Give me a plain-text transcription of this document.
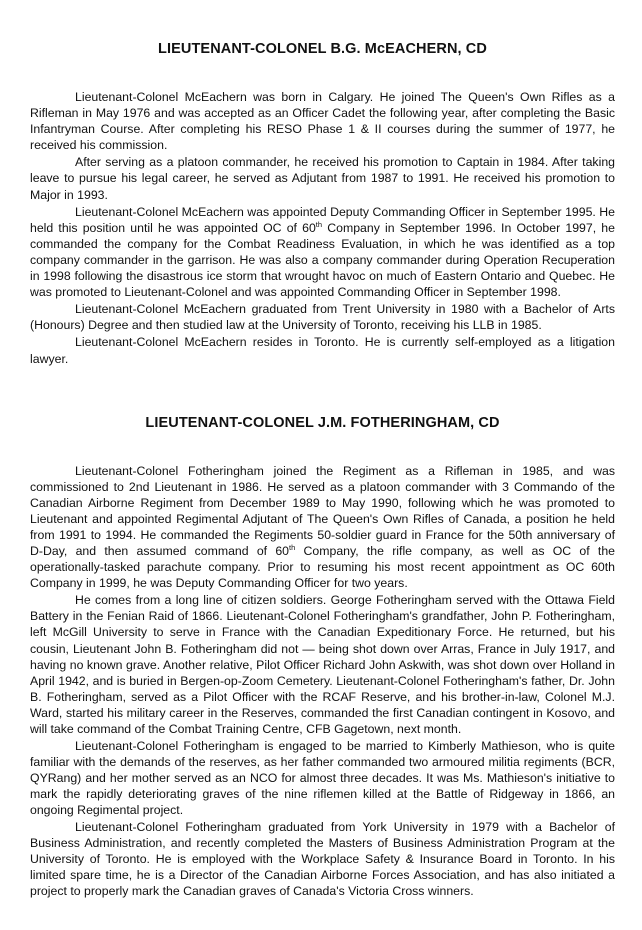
LIEUTENANT-COLONEL B.G. McEACHERN, CD

Lieutenant-Colonel McEachern was born in Calgary. He joined The Queen's Own Rifles as a Rifleman in May 1976 and was accepted as an Officer Cadet the following year, after completing the Basic Infantryman Course. After completing his RESO Phase 1 & II courses during the summer of 1977, he received his commission.

After serving as a platoon commander, he received his promotion to Captain in 1984. After taking leave to pursue his legal career, he served as Adjutant from 1987 to 1991. He received his promotion to Major in 1993.

Lieutenant-Colonel McEachern was appointed Deputy Commanding Officer in September 1995. He held this position until he was appointed OC of 60th Company in September 1996. In October 1997, he commanded the company for the Combat Readiness Evaluation, in which he was identified as a top company commander in the garrison. He was also a company commander during Operation Recuperation in 1998 following the disastrous ice storm that wrought havoc on much of Eastern Ontario and Quebec. He was promoted to Lieutenant-Colonel and was appointed Commanding Officer in September 1998.

Lieutenant-Colonel McEachern graduated from Trent University in 1980 with a Bachelor of Arts (Honours) Degree and then studied law at the University of Toronto, receiving his LLB in 1985.

Lieutenant-Colonel McEachern resides in Toronto. He is currently self-employed as a litigation lawyer.

LIEUTENANT-COLONEL J.M. FOTHERINGHAM, CD

Lieutenant-Colonel Fotheringham joined the Regiment as a Rifleman in 1985, and was commissioned to 2nd Lieutenant in 1986. He served as a platoon commander with 3 Commando of the Canadian Airborne Regiment from December 1989 to May 1990, following which he was promoted to Lieutenant and appointed Regimental Adjutant of The Queen's Own Rifles of Canada, a position he held from 1991 to 1994. He commanded the Regiments 50-soldier guard in France for the 50th anniversary of D-Day, and then assumed command of 60th Company, the rifle company, as well as OC of the operationally-tasked parachute company. Prior to resuming his most recent appointment as OC 60th Company in 1999, he was Deputy Commanding Officer for two years.

He comes from a long line of citizen soldiers. George Fotheringham served with the Ottawa Field Battery in the Fenian Raid of 1866. Lieutenant-Colonel Fotheringham's grandfather, John P. Fotheringham, left McGill University to serve in France with the Canadian Expeditionary Force. He returned, but his cousin, Lieutenant John B. Fotheringham did not — being shot down over Arras, France in July 1917, and having no known grave. Another relative, Pilot Officer Richard John Askwith, was shot down over Holland in April 1942, and is buried in Bergen-op-Zoom Cemetery. Lieutenant-Colonel Fotheringham's father, Dr. John B. Fotheringham, served as a Pilot Officer with the RCAF Reserve, and his brother-in-law, Colonel M.J. Ward, started his military career in the Reserves, commanded the first Canadian contingent in Kosovo, and will take command of the Combat Training Centre, CFB Gagetown, next month.

Lieutenant-Colonel Fotheringham is engaged to be married to Kimberly Mathieson, who is quite familiar with the demands of the reserves, as her father commanded two armoured militia regiments (BCR, QYRang) and her mother served as an NCO for almost three decades. It was Ms. Mathieson's initiative to mark the rapidly deteriorating graves of the nine riflemen killed at the Battle of Ridgeway in 1866, an ongoing Regimental project.

Lieutenant-Colonel Fotheringham graduated from York University in 1979 with a Bachelor of Business Administration, and recently completed the Masters of Business Administration Program at the University of Toronto. He is employed with the Workplace Safety & Insurance Board in Toronto. In his limited spare time, he is a Director of the Canadian Airborne Forces Association, and has also initiated a project to properly mark the Canadian graves of Canada's Victoria Cross winners.
